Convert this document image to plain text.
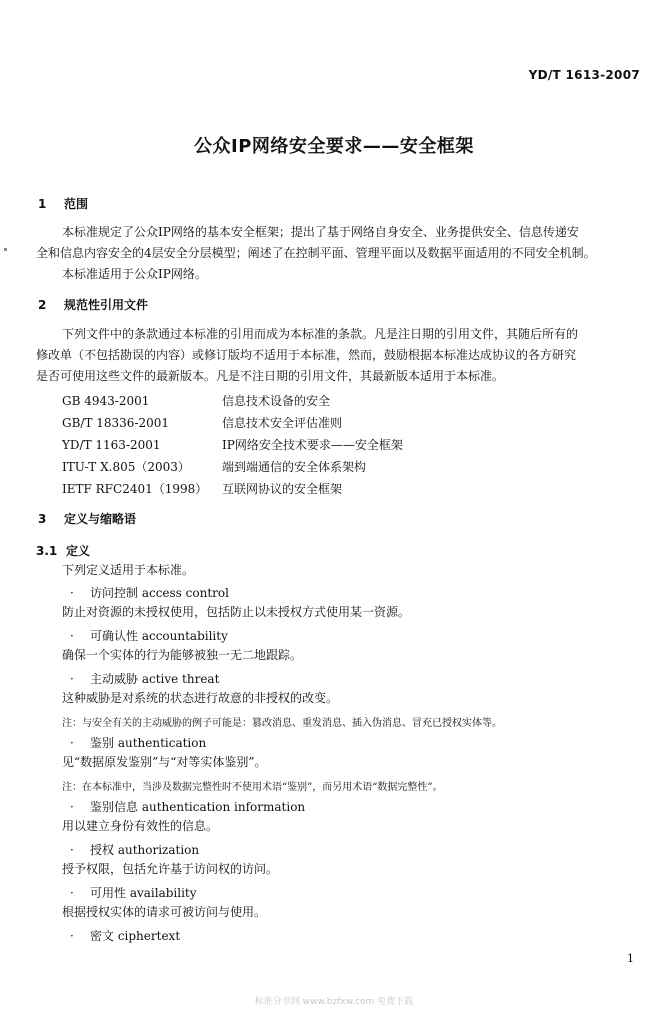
YD/T 1613-2007
公众IP网络安全要求——安全框架
1 范围
本标准规定了公众IP网络的基本安全框架；提出了基于网络自身安全、业务提供安全、信息传递安
全和信息内容安全的4层安全分层模型；阐述了在控制平面、管理平面以及数据平面适用的不同安全机制。
本标准适用于公众IP网络。
2 规范性引用文件
下列文件中的条款通过本标准的引用而成为本标准的条款。凡是注日期的引用文件，其随后所有的
修改单（不包括勘误的内容）或修订版均不适用于本标准，然而，鼓励根据本标准达成协议的各方研究
是否可使用这些文件的最新版本。凡是不注日期的引用文件，其最新版本适用于本标准。
GB 4943-2001	信息技术设备的安全
GB/T 18336-2001	信息技术安全评估准则
YD/T 1163-2001	IP网络安全技术要求——安全框架
ITU-T X.805（2003）	端到端通信的安全体系架构
IETF RFC2401（1998） 互联网协议的安全框架
3 定义与缩略语
3.1 定义
下列定义适用于本标准。
· 访问控制 access control
防止对资源的未授权使用，包括防止以未授权方式使用某一资源。
· 可确认性 accountability
确保一个实体的行为能够被独一无二地跟踪。
· 主动威胁 active threat
这种威胁是对系统的状态进行故意的非授权的改变。
注：与安全有关的主动威胁的例子可能是：篡改消息、重发消息、插入伪消息、冒充已授权实体等。
· 鉴别 authentication
见“数据原发鉴别”与“对等实体鉴别”。
注：在本标准中，当涉及数据完整性时不使用术语“鉴别”，而另用术语“数据完整性”。
· 鉴别信息 authentication information
用以建立身份有效性的信息。
· 授权 authorization
授予权限，包括允许基于访问权的访问。
· 可用性 availability
根据授权实体的请求可被访问与使用。
· 密文 ciphertext
1
标准分享网 www.bzfxw.com 免费下载
